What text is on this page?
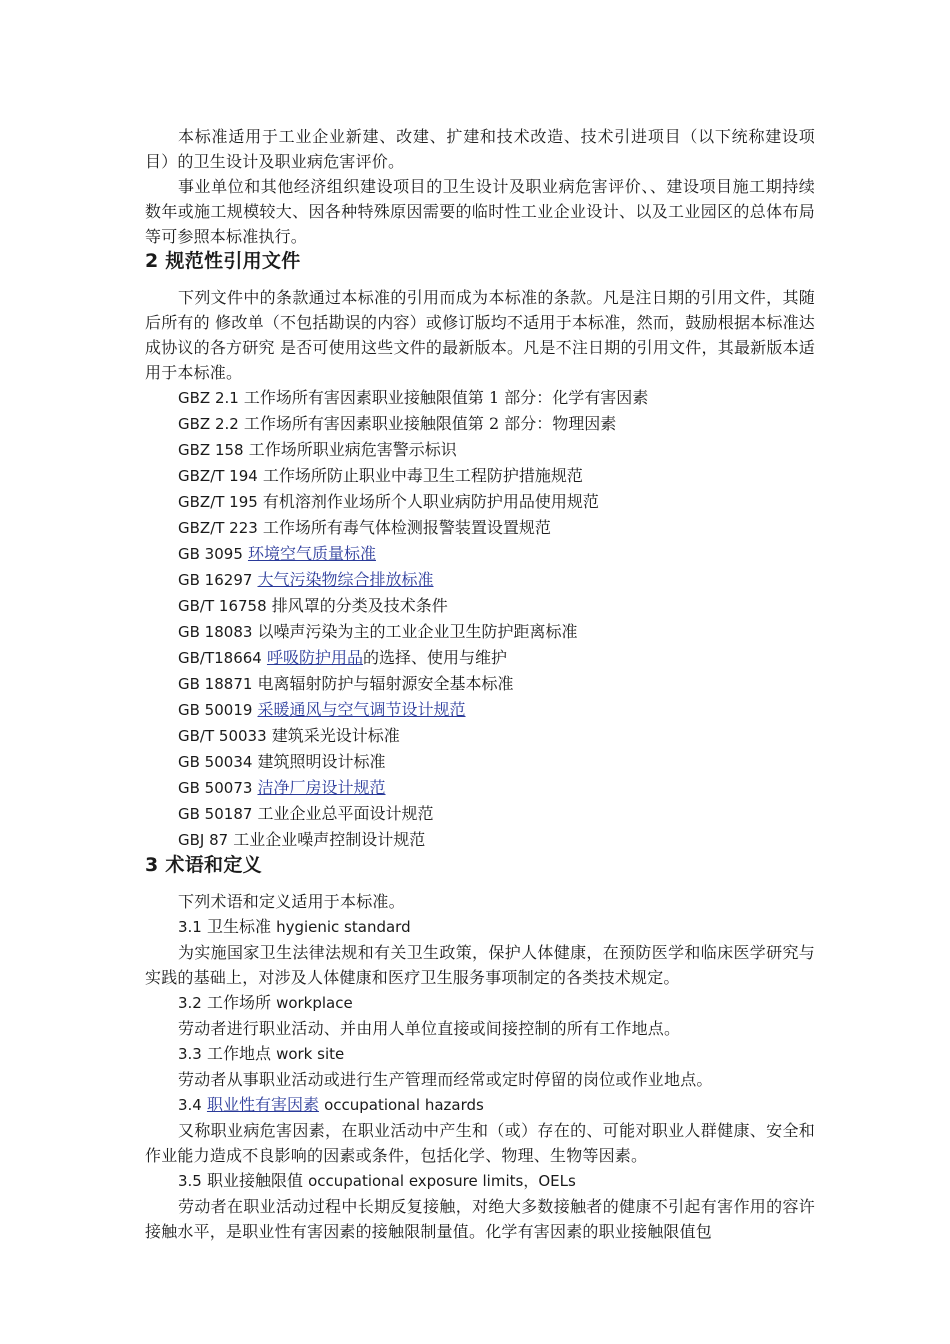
本标准适用于工业企业新建、改建、扩建和技术改造、技术引进项目（以下统称建设项目）的卫生设计及职业病危害评价。

事业单位和其他经济组织建设项目的卫生设计及职业病危害评价、、建设项目施工期持续数年或施工规模较大、因各种特殊原因需要的临时性工业企业设计、以及工业园区的总体布局等可参照本标准执行。

2 规范性引用文件

下列文件中的条款通过本标准的引用而成为本标准的条款。凡是注日期的引用文件，其随后所有的 修改单（不包括勘误的内容）或修订版均不适用于本标准，然而，鼓励根据本标准达成协议的各方研究 是否可使用这些文件的最新版本。凡是不注日期的引用文件，其最新版本适用于本标准。

GBZ 2.1 工作场所有害因素职业接触限值第 1 部分：化学有害因素
GBZ 2.2 工作场所有害因素职业接触限值第 2 部分：物理因素
GBZ 158 工作场所职业病危害警示标识
GBZ/T 194 工作场所防止职业中毒卫生工程防护措施规范
GBZ/T 195 有机溶剂作业场所个人职业病防护用品使用规范
GBZ/T 223 工作场所有毒气体检测报警装置设置规范
GB 3095 环境空气质量标准
GB 16297 大气污染物综合排放标准
GB/T 16758 排风罩的分类及技术条件
GB 18083 以噪声污染为主的工业企业卫生防护距离标准
GB/T18664 呼吸防护用品的选择、使用与维护
GB 18871 电离辐射防护与辐射源安全基本标准
GB 50019 采暖通风与空气调节设计规范
GB/T 50033 建筑采光设计标准
GB 50034 建筑照明设计标准
GB 50073 洁净厂房设计规范
GB 50187 工业企业总平面设计规范
GBJ 87 工业企业噪声控制设计规范
3 术语和定义

下列术语和定义适用于本标准。

3.1 卫生标准 hygienic standard

为实施国家卫生法律法规和有关卫生政策，保护人体健康，在预防医学和临床医学研究与实践的基础上，对涉及人体健康和医疗卫生服务事项制定的各类技术规定。

3.2 工作场所 workplace

劳动者进行职业活动、并由用人单位直接或间接控制的所有工作地点。

3.3 工作地点 work site

劳动者从事职业活动或进行生产管理而经常或定时停留的岗位或作业地点。

3.4 职业性有害因素 occupational hazards

又称职业病危害因素，在职业活动中产生和（或）存在的、可能对职业人群健康、安全和作业能力造成不良影响的因素或条件，包括化学、物理、生物等因素。

3.5 职业接触限值 occupational exposure limits，OELs

劳动者在职业活动过程中长期反复接触，对绝大多数接触者的健康不引起有害作用的容许接触水平，是职业性有害因素的接触限制量值。化学有害因素的职业接触限值包
